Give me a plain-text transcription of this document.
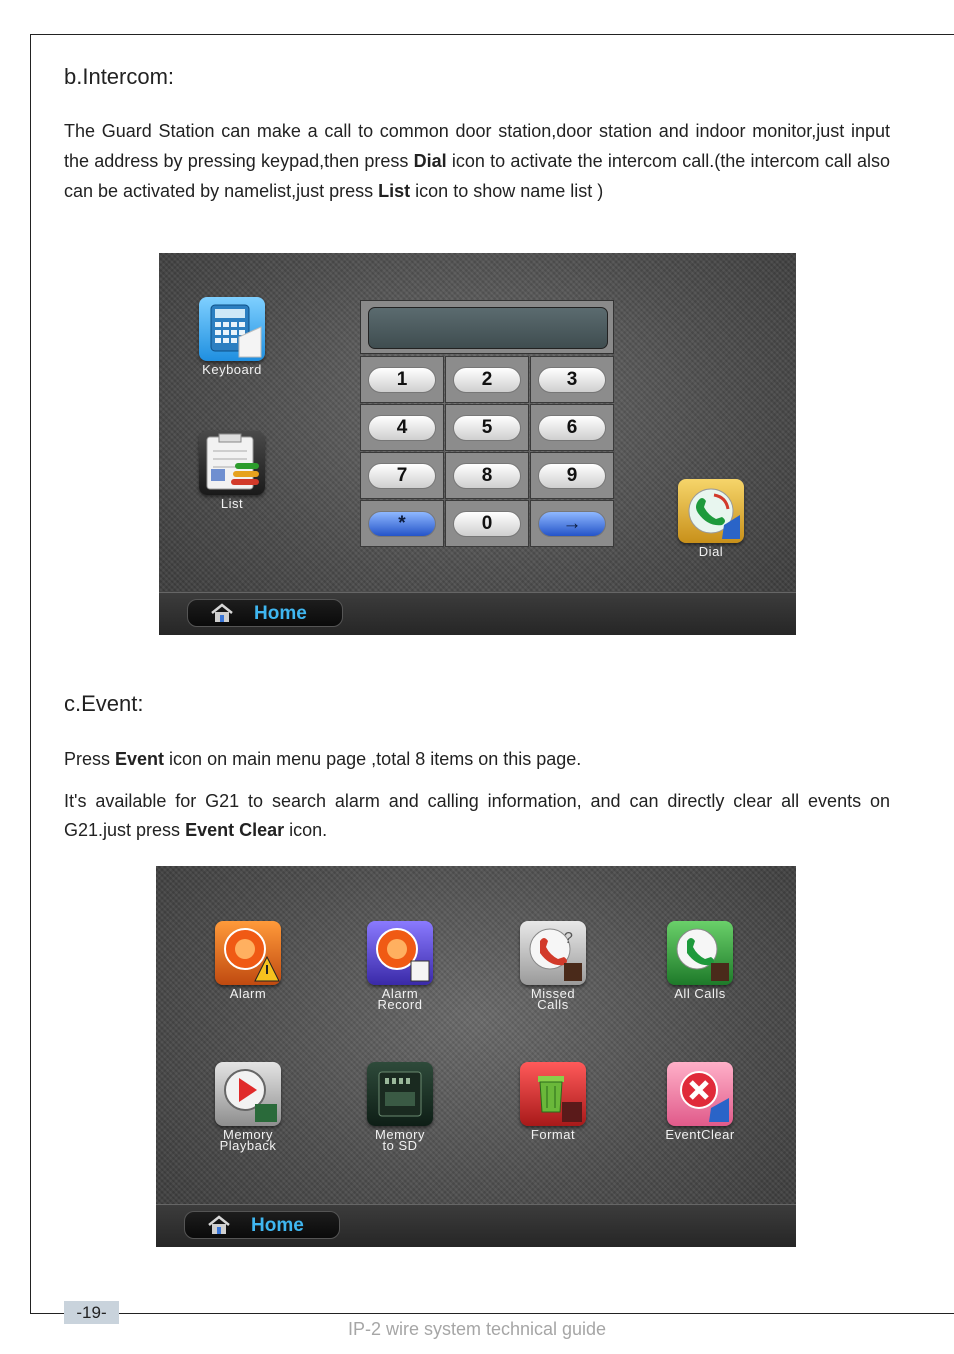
b.Intercom:
The Guard Station can make a call to common door station,door station and indoor monitor,just input the address by pressing keypad,then press Dial icon to activate the intercom call.(the intercom call also can be activated by namelist,just press List icon to show name list )
Keyboard
List
1	2	3
4	5	6
7	8	9
*	0	→
Dial
Home
c.Event:
Press Event icon on main menu page ,total 8 items on this page.
It's available for G21 to search alarm and calling information, and can directly clear all events on G21.just press Event Clear icon.
Alarm	Alarm
Record
?
Missed
Calls
All Calls
Memory
Playback
Memory
to SD
Format	EventClear
Home
-19-
IP-2 wire system technical guide
